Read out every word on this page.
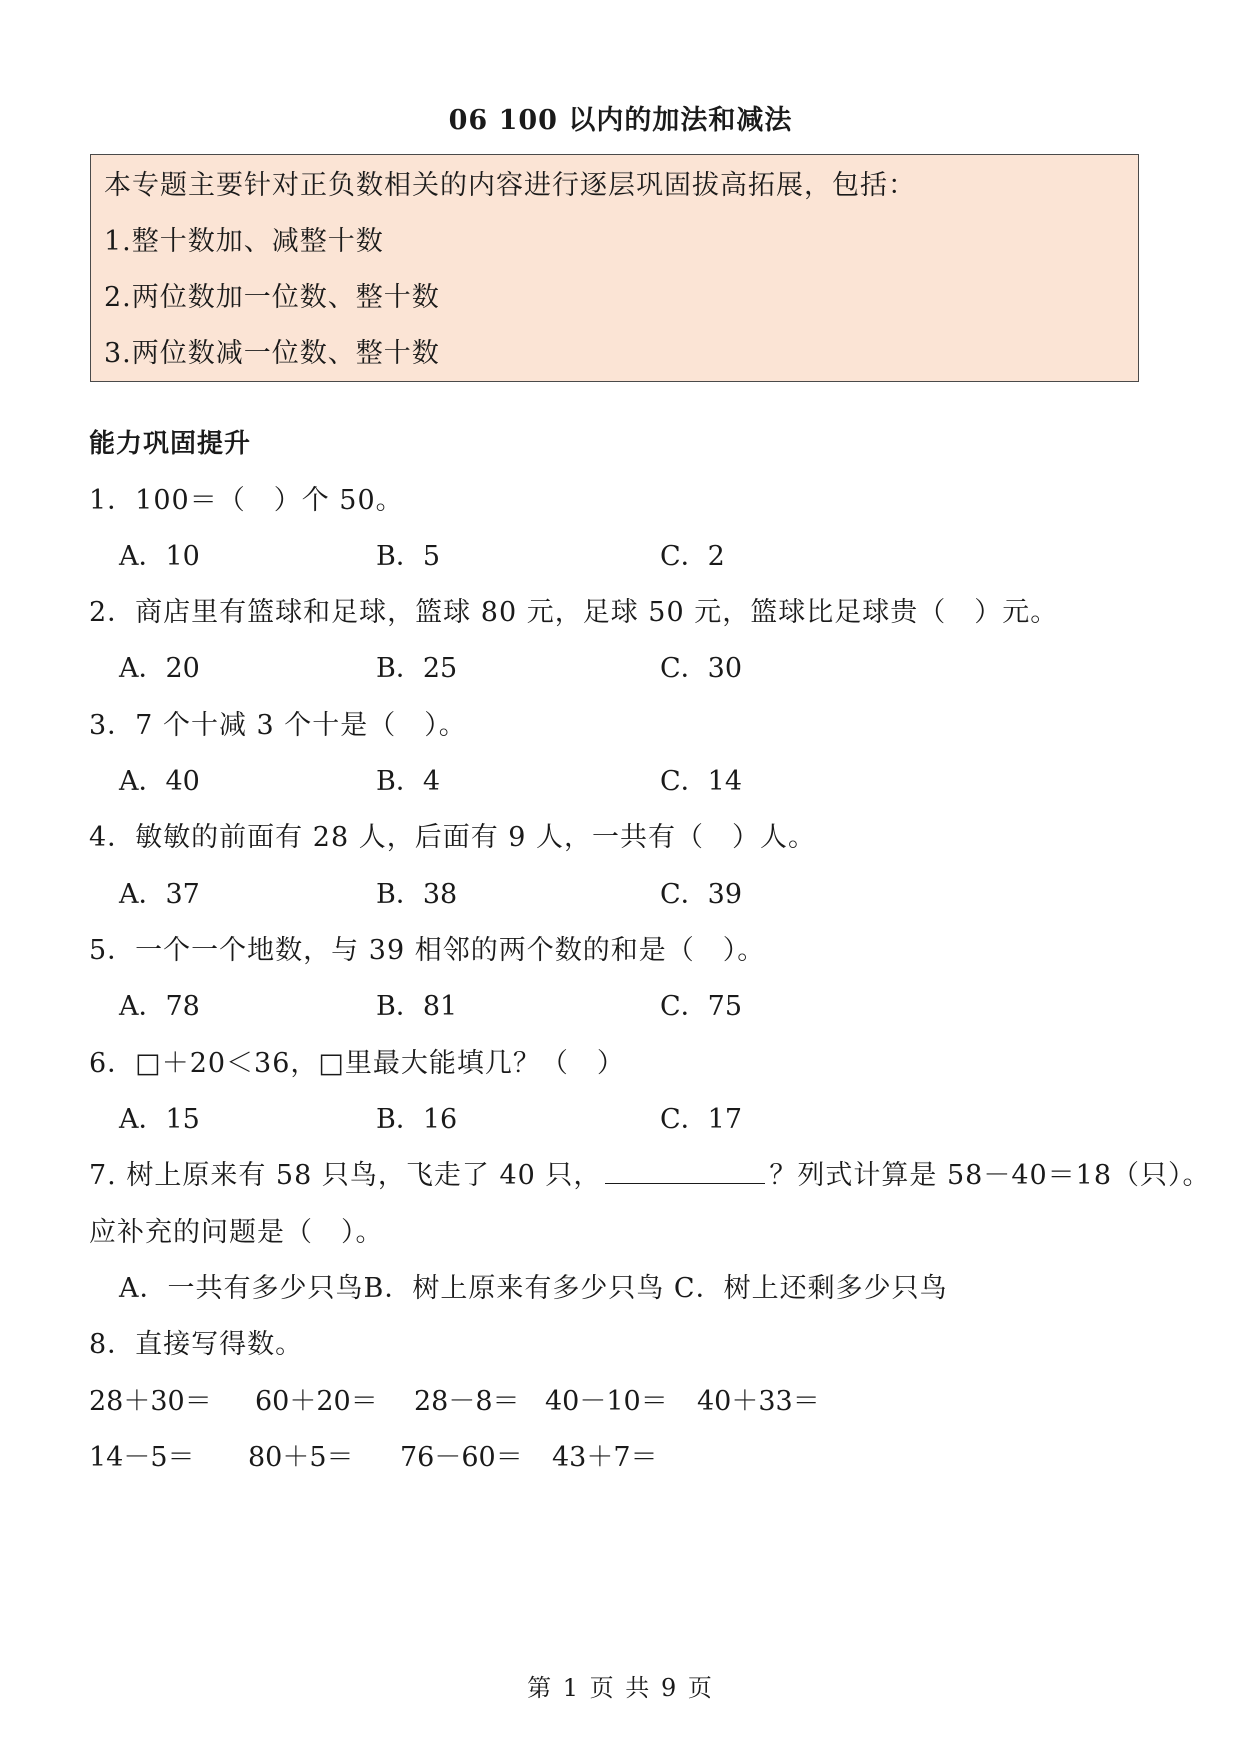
06 100 以内的加法和减法
本专题主要针对正负数相关的内容进行逐层巩固拔高拓展，包括：
1.整十数加、减整十数
2.两位数加一位数、整十数
3.两位数减一位数、整十数
能力巩固提升
1．100＝（　）个 50。
A．10	B．5	C．2
2．商店里有篮球和足球，篮球 80 元，足球 50 元，篮球比足球贵（　）元。
A．20	B．25	C．30
3．7 个十减 3 个十是（　）。
A．40	B．4	C．14
4．敏敏的前面有 28 人，后面有 9 人，一共有（　）人。
A．37	B．38	C．39
5．一个一个地数，与 39 相邻的两个数的和是（　）。
A．78	B．81	C．75
6．□＋20＜36，□里最大能填几？（　）
A．15	B．16	C．17
7. 树上原来有 58 只鸟，飞走了 40 只，	？列式计算是 58－40＝18（只）。
应补充的问题是（　）。
A．一共有多少只鸟B．树上原来有多少只鸟 C．树上还剩多少只鸟
8．直接写得数。
28＋30＝ 60＋20＝ 28－8＝ 40－10＝ 40＋33＝
14－5＝ 80＋5＝ 76－60＝ 43＋7＝
第 1 页 共 9 页
